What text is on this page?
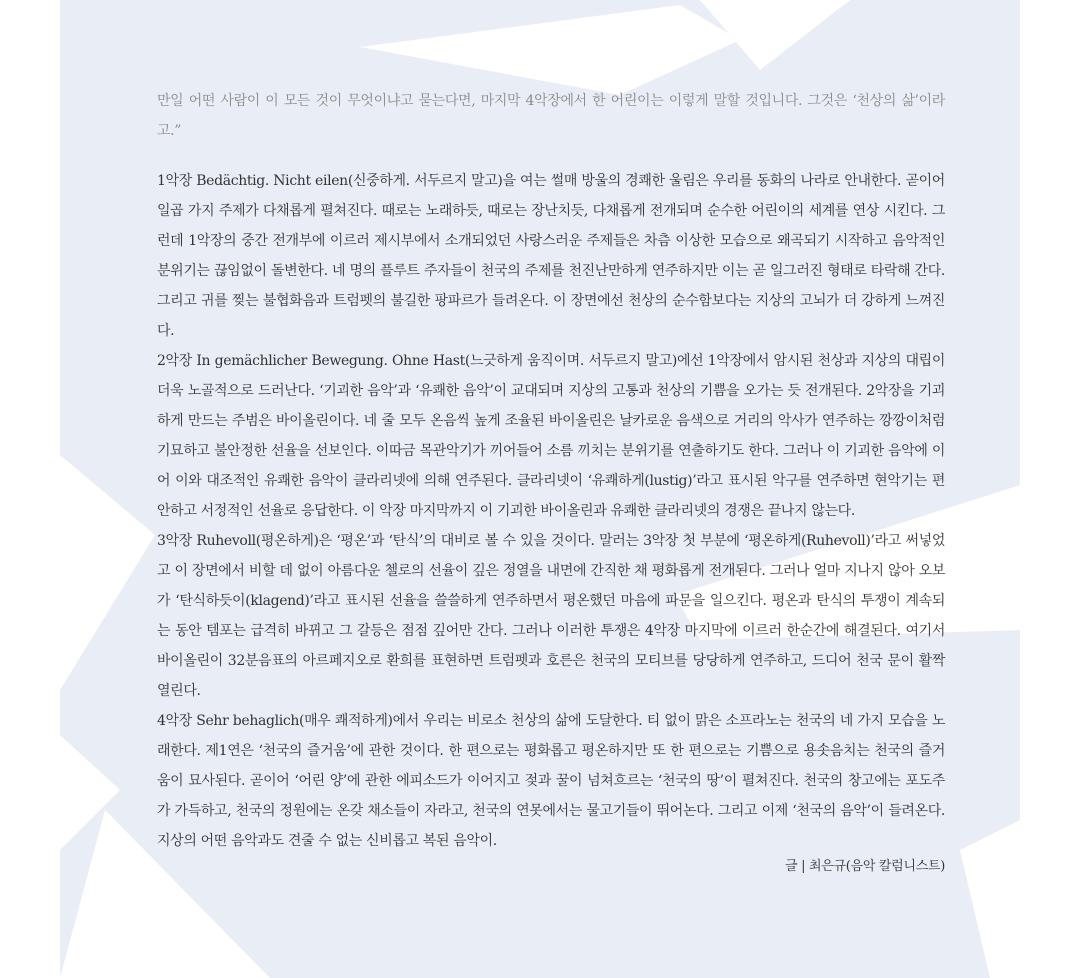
만일 어떤 사람이 이 모든 것이 무엇이냐고 묻는다면, 마지막 4악장에서 한 어린이는 이렇게 말할 것입니다. 그것은 ‘천상의 삶’이라고.”

1악장 Bedächtig. Nicht eilen(신중하게. 서두르지 말고)을 여는 썰매 방울의 경쾌한 울림은 우리를 동화의 나라로 안내한다. 곧이어 일곱 가지 주제가 다채롭게 펼쳐진다. 때로는 노래하듯, 때로는 장난치듯, 다채롭게 전개되며 순수한 어린이의 세계를 연상 시킨다. 그런데 1악장의 중간 전개부에 이르러 제시부에서 소개되었던 사랑스러운 주제들은 차츰 이상한 모습으로 왜곡되기 시작하고 음악적인 분위기는 끊임없이 돌변한다. 네 명의 플루트 주자들이 천국의 주제를 천진난만하게 연주하지만 이는 곧 일그러진 형태로 타락해 간다. 그리고 귀를 찢는 불협화음과 트럼펫의 불길한 팡파르가 들려온다. 이 장면에선 천상의 순수함보다는 지상의 고뇌가 더 강하게 느껴진다.

2악장 In gemächlicher Bewegung. Ohne Hast(느긋하게 움직이며. 서두르지 말고)에선 1악장에서 암시된 천상과 지상의 대립이 더욱 노골적으로 드러난다. ‘기괴한 음악’과 ‘유쾌한 음악’이 교대되며 지상의 고통과 천상의 기쁨을 오가는 듯 전개된다. 2악장을 기괴하게 만드는 주범은 바이올린이다. 네 줄 모두 온음씩 높게 조율된 바이올린은 날카로운 음색으로 거리의 악사가 연주하는 깡깡이처럼 기묘하고 불안정한 선율을 선보인다. 이따금 목관악기가 끼어들어 소름 끼치는 분위기를 연출하기도 한다. 그러나 이 기괴한 음악에 이어 이와 대조적인 유쾌한 음악이 클라리넷에 의해 연주된다. 클라리넷이 ‘유쾌하게(lustig)’라고 표시된 악구를 연주하면 현악기는 편안하고 서정적인 선율로 응답한다. 이 악장 마지막까지 이 기괴한 바이올린과 유쾌한 클라리넷의 경쟁은 끝나지 않는다.

3악장 Ruhevoll(평온하게)은 ‘평온’과 ‘탄식’의 대비로 볼 수 있을 것이다. 말러는 3악장 첫 부분에 ‘평온하게(Ruhevoll)’라고 써넣었고 이 장면에서 비할 데 없이 아름다운 첼로의 선율이 깊은 정열을 내면에 간직한 채 평화롭게 전개된다. 그러나 얼마 지나지 않아 오보가 ‘탄식하듯이(klagend)’라고 표시된 선율을 쓸쓸하게 연주하면서 평온했던 마음에 파문을 일으킨다. 평온과 탄식의 투쟁이 계속되는 동안 템포는 급격히 바뀌고 그 갈등은 점점 깊어만 간다. 그러나 이러한 투쟁은 4악장 마지막에 이르러 한순간에 해결된다. 여기서 바이올린이 32분음표의 아르페지오로 환희를 표현하면 트럼펫과 호른은 천국의 모티브를 당당하게 연주하고, 드디어 천국 문이 활짝 열린다.

4악장 Sehr behaglich(매우 쾌적하게)에서 우리는 비로소 천상의 삶에 도달한다. 티 없이 맑은 소프라노는 천국의 네 가지 모습을 노래한다. 제1연은 ‘천국의 즐거움’에 관한 것이다. 한 편으로는 평화롭고 평온하지만 또 한 편으로는 기쁨으로 용솟음치는 천국의 즐거움이 묘사된다. 곧이어 ‘어린 양’에 관한 에피소드가 이어지고 젖과 꿀이 넘쳐흐르는 ‘천국의 땅’이 펼쳐진다. 천국의 창고에는 포도주가 가득하고, 천국의 정원에는 온갖 채소들이 자라고, 천국의 연못에서는 물고기들이 뛰어논다. 그리고 이제 ‘천국의 음악’이 들려온다. 지상의 어떤 음악과도 견줄 수 없는 신비롭고 복된 음악이.

글 | 최은규(음악 칼럼니스트)
